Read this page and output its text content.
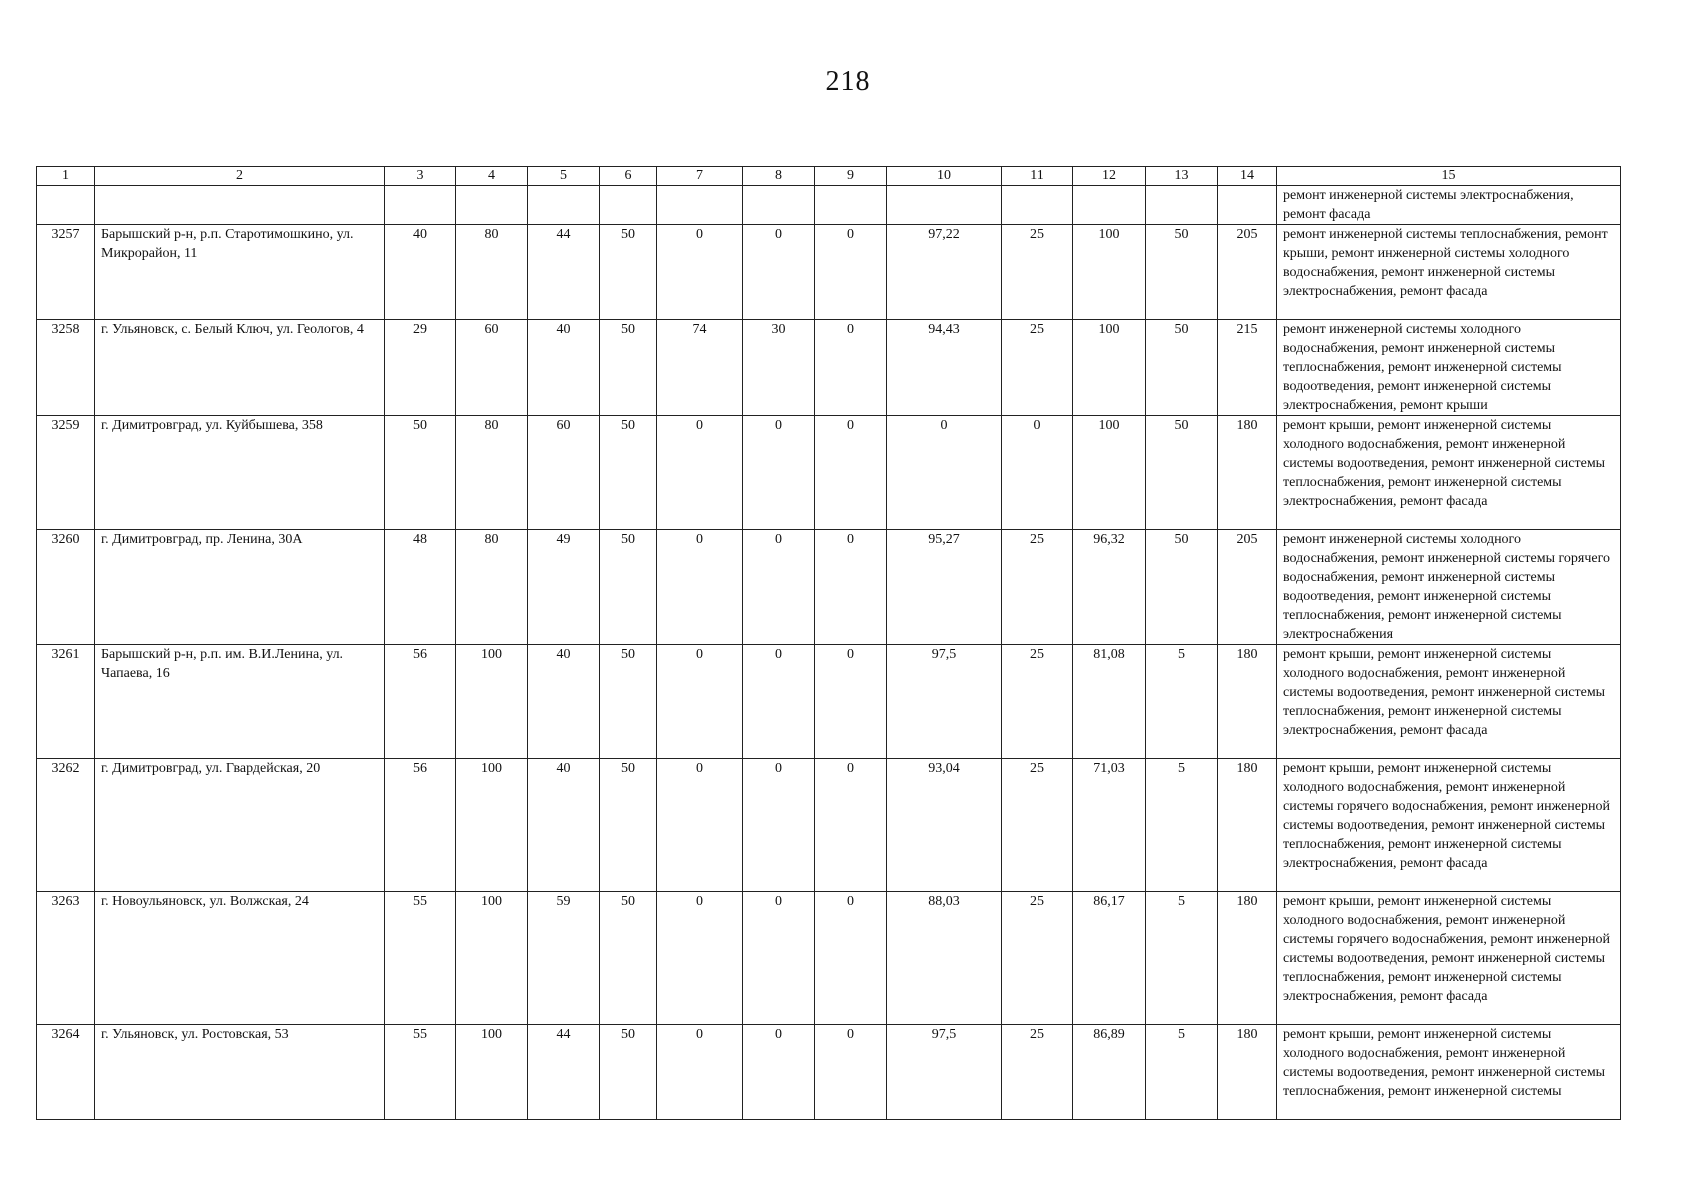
218
1	2	3	4	5	6	7	8	9	10	11	12	13	14	15
														ремонт инженерной системы электроснабжения, ремонт фасада
3257	Барышский р-н, р.п. Старотимошкино, ул. Микрорайон, 11	40	80	44	50	0	0	0	97,22	25	100	50	205	ремонт инженерной системы теплоснабжения, ремонт крыши, ремонт инженерной системы холодного водоснабжения, ремонт инженерной системы электроснабжения, ремонт фасада
3258	г. Ульяновск, с. Белый Ключ, ул. Геологов, 4	29	60	40	50	74	30	0	94,43	25	100	50	215	ремонт инженерной системы холодного водоснабжения, ремонт инженерной системы теплоснабжения, ремонт инженерной системы водоотведения, ремонт инженерной системы электроснабжения, ремонт крыши
3259	г. Димитровград, ул. Куйбышева, 358	50	80	60	50	0	0	0	0	0	100	50	180	ремонт крыши, ремонт инженерной системы холодного водоснабжения, ремонт инженерной системы водоотведения, ремонт инженерной системы теплоснабжения, ремонт инженерной системы электроснабжения, ремонт фасада
3260	г. Димитровград, пр. Ленина, 30А	48	80	49	50	0	0	0	95,27	25	96,32	50	205	ремонт инженерной системы холодного водоснабжения, ремонт инженерной системы горячего водоснабжения, ремонт инженерной системы водоотведения, ремонт инженерной системы теплоснабжения, ремонт инженерной системы электроснабжения
3261	Барышский р-н, р.п. им. В.И.Ленина, ул. Чапаева, 16	56	100	40	50	0	0	0	97,5	25	81,08	5	180	ремонт крыши, ремонт инженерной системы холодного водоснабжения, ремонт инженерной системы водоотведения, ремонт инженерной системы теплоснабжения, ремонт инженерной системы электроснабжения, ремонт фасада
3262	г. Димитровград, ул. Гвардейская, 20	56	100	40	50	0	0	0	93,04	25	71,03	5	180	ремонт крыши, ремонт инженерной системы холодного водоснабжения, ремонт инженерной системы горячего водоснабжения, ремонт инженерной системы водоотведения, ремонт инженерной системы теплоснабжения, ремонт инженерной системы электроснабжения, ремонт фасада
3263	г. Новоульяновск, ул. Волжская, 24	55	100	59	50	0	0	0	88,03	25	86,17	5	180	ремонт крыши, ремонт инженерной системы холодного водоснабжения, ремонт инженерной системы горячего водоснабжения, ремонт инженерной системы водоотведения, ремонт инженерной системы теплоснабжения, ремонт инженерной системы электроснабжения, ремонт фасада
3264	г. Ульяновск, ул. Ростовская, 53	55	100	44	50	0	0	0	97,5	25	86,89	5	180	ремонт крыши, ремонт инженерной системы холодного водоснабжения, ремонт инженерной системы водоотведения, ремонт инженерной системы теплоснабжения, ремонт инженерной системы
